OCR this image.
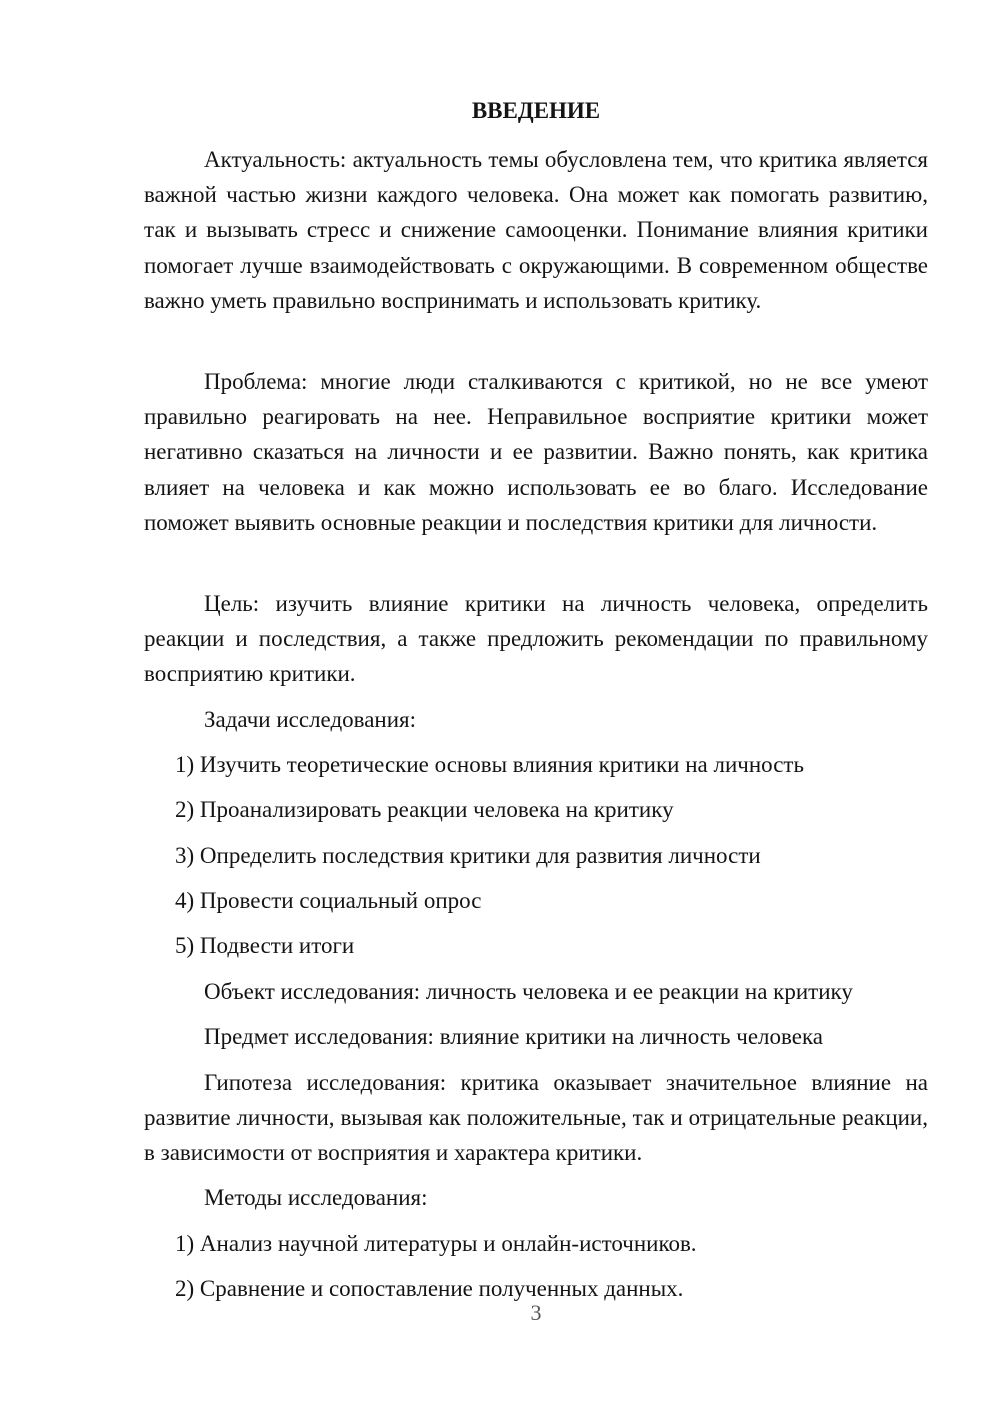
ВВЕДЕНИЕ

Актуальность: актуальность темы обусловлена тем, что критика является важной частью жизни каждого человека. Она может как помогать развитию, так и вызывать стресс и снижение самооценки. Понимание влияния критики помогает лучше взаимодействовать с окружающими. В современном обществе важно уметь правильно воспринимать и использовать критику.

Проблема: многие люди сталкиваются с критикой, но не все умеют правильно реагировать на нее. Неправильное восприятие критики может негативно сказаться на личности и ее развитии. Важно понять, как критика влияет на человека и как можно использовать ее во благо. Исследование поможет выявить основные реакции и последствия критики для личности.

Цель: изучить влияние критики на личность человека, определить реакции и последствия, а также предложить рекомендации по правильному восприятию критики.

Задачи исследования:

1) Изучить теоретические основы влияния критики на личность

2) Проанализировать реакции человека на критику

3) Определить последствия критики для развития личности

4) Провести социальный опрос

5) Подвести итоги

Объект исследования: личность человека и ее реакции на критику

Предмет исследования: влияние критики на личность человека

Гипотеза исследования: критика оказывает значительное влияние на развитие личности, вызывая как положительные, так и отрицательные реакции, в зависимости от восприятия и характера критики.

Методы исследования:

1) Анализ научной литературы и онлайн-источников.

2) Сравнение и сопоставление полученных данных.

3
